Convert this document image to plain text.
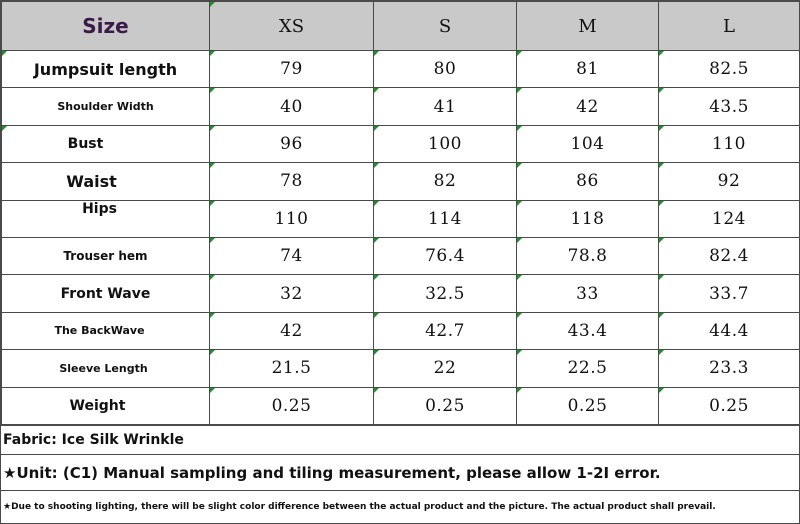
Size	XS	S	M	L
Jumpsuit length	79	80	81	82.5
Shoulder Width	40	41	42	43.5
Bust	96	100	104	110
Waist	78	82	86	92
Hips	110	114	118	124
Trouser hem	74	76.4	78.8	82.4
Front Wave	32	32.5	33	33.7
The BackWave	42	42.7	43.4	44.4
Sleeve Length	21.5	22	22.5	23.3
Weight	0.25	0.25	0.25	0.25
Fabric: Ice Silk Wrinkle
★Unit: (C1) Manual sampling and tiling measurement, please allow 1-2I error.
★Due to shooting lighting, there will be slight color difference between the actual product and the picture. The actual product shall prevail.
